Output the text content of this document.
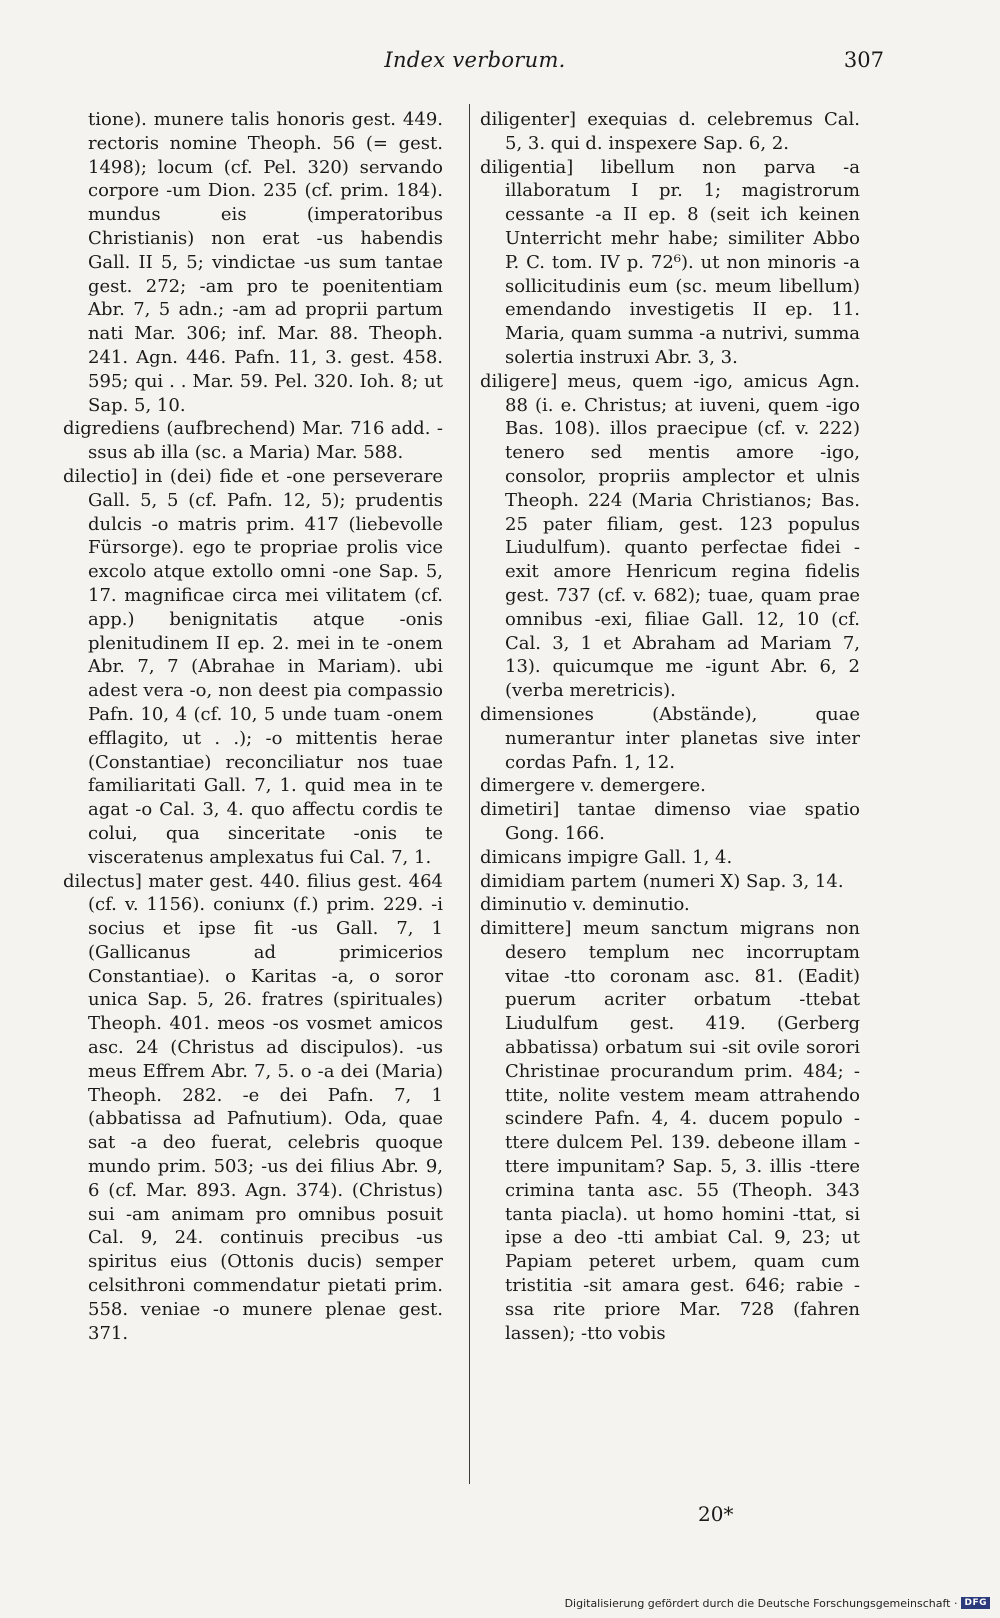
Index verborum.	307

tione). munere talis honoris gest. 449. rectoris nomine Theoph. 56 (= gest. 1498); locum (cf. Pel. 320) servando corpore -um Dion. 235 (cf. prim. 184). mundus eis (imperatoribus Christianis) non erat -us habendis Gall. II 5, 5; vindictae -us sum tantae gest. 272; -am pro te poenitentiam Abr. 7, 5 adn.; -am ad proprii partum nati Mar. 306; inf. Mar. 88. Theoph. 241. Agn. 446. Pafn. 11, 3. gest. 458. 595; qui . . Mar. 59. Pel. 320. Ioh. 8; ut Sap. 5, 10.

digrediens (aufbrechend) Mar. 716 add. -ssus ab illa (sc. a Maria) Mar. 588.

dilectio] in (dei) fide et -one perseverare Gall. 5, 5 (cf. Pafn. 12, 5); prudentis dulcis -o matris prim. 417 (liebevolle Fürsorge). ego te propriae prolis vice excolo atque extollo omni -one Sap. 5, 17. magnificae circa mei vilitatem (cf. app.) benignitatis atque -onis plenitudinem II ep. 2. mei in te -onem Abr. 7, 7 (Abrahae in Mariam). ubi adest vera -o, non deest pia compassio Pafn. 10, 4 (cf. 10, 5 unde tuam -onem efflagito, ut . .); -o mittentis herae (Constantiae) reconciliatur nos tuae familiaritati Gall. 7, 1. quid mea in te agat -o Cal. 3, 4. quo affectu cordis te colui, qua sinceritate -onis te visceratenus amplexatus fui Cal. 7, 1.

dilectus] mater gest. 440. filius gest. 464 (cf. v. 1156). coniunx (f.) prim. 229. -i socius et ipse fit -us Gall. 7, 1 (Gallicanus ad primicerios Constantiae). o Karitas -a, o soror unica Sap. 5, 26. fratres (spirituales) Theoph. 401. meos -os vosmet amicos asc. 24 (Christus ad discipulos). -us meus Effrem Abr. 7, 5. o -a dei (Maria) Theoph. 282. -e dei Pafn. 7, 1 (abbatissa ad Pafnutium). Oda, quae sat -a deo fuerat, celebris quoque mundo prim. 503; -us dei filius Abr. 9, 6 (cf. Mar. 893. Agn. 374). (Christus) sui -am animam pro omnibus posuit Cal. 9, 24. continuis precibus -us spiritus eius (Ottonis ducis) semper celsithroni commendatur pietati prim. 558. veniae -o munere plenae gest. 371.

diligenter] exequias d. celebremus Cal. 5, 3. qui d. inspexere Sap. 6, 2.

diligentia] libellum non parva -a illaboratum I pr. 1; magistrorum cessante -a II ep. 8 (seit ich keinen Unterricht mehr habe; similiter Abbo P. C. tom. IV p. 72⁶). ut non minoris -a sollicitudinis eum (sc. meum libellum) emendando investigetis II ep. 11. Maria, quam summa -a nutrivi, summa solertia instruxi Abr. 3, 3.

diligere] meus, quem -igo, amicus Agn. 88 (i. e. Christus; at iuveni, quem -igo Bas. 108). illos praecipue (cf. v. 222) tenero sed mentis amore -igo, consolor, propriis amplector et ulnis Theoph. 224 (Maria Christianos; Bas. 25 pater filiam, gest. 123 populus Liudulfum). quanto perfectae fidei -exit amore Henricum regina fidelis gest. 737 (cf. v. 682); tuae, quam prae omnibus -exi, filiae Gall. 12, 10 (cf. Cal. 3, 1 et Abraham ad Mariam 7, 13). quicumque me -igunt Abr. 6, 2 (verba meretricis).

dimensiones (Abstände), quae numerantur inter planetas sive inter cordas Pafn. 1, 12.

dimergere v. demergere.

dimetiri] tantae dimenso viae spatio Gong. 166.

dimicans impigre Gall. 1, 4.

dimidiam partem (numeri X) Sap. 3, 14.

diminutio v. deminutio.

dimittere] meum sanctum migrans non desero templum nec incorruptam vitae -tto coronam asc. 81. (Eadit) puerum acriter orbatum -ttebat Liudulfum gest. 419. (Gerberg abbatissa) orbatum sui -sit ovile sorori Christinae procurandum prim. 484; -ttite, nolite vestem meam attrahendo scindere Pafn. 4, 4. ducem populo -ttere dulcem Pel. 139. debeone illam -ttere impunitam? Sap. 5, 3. illis -ttere crimina tanta asc. 55 (Theoph. 343 tanta piacla). ut homo homini -ttat, si ipse a deo -tti ambiat Cal. 9, 23; ut Papiam peteret urbem, quam cum tristitia -sit amara gest. 646; rabie -ssa rite priore Mar. 728 (fahren lassen); -tto vobis

20*
Digitalisierung gefördert durch die Deutsche Forschungsgemeinschaft · DFG
